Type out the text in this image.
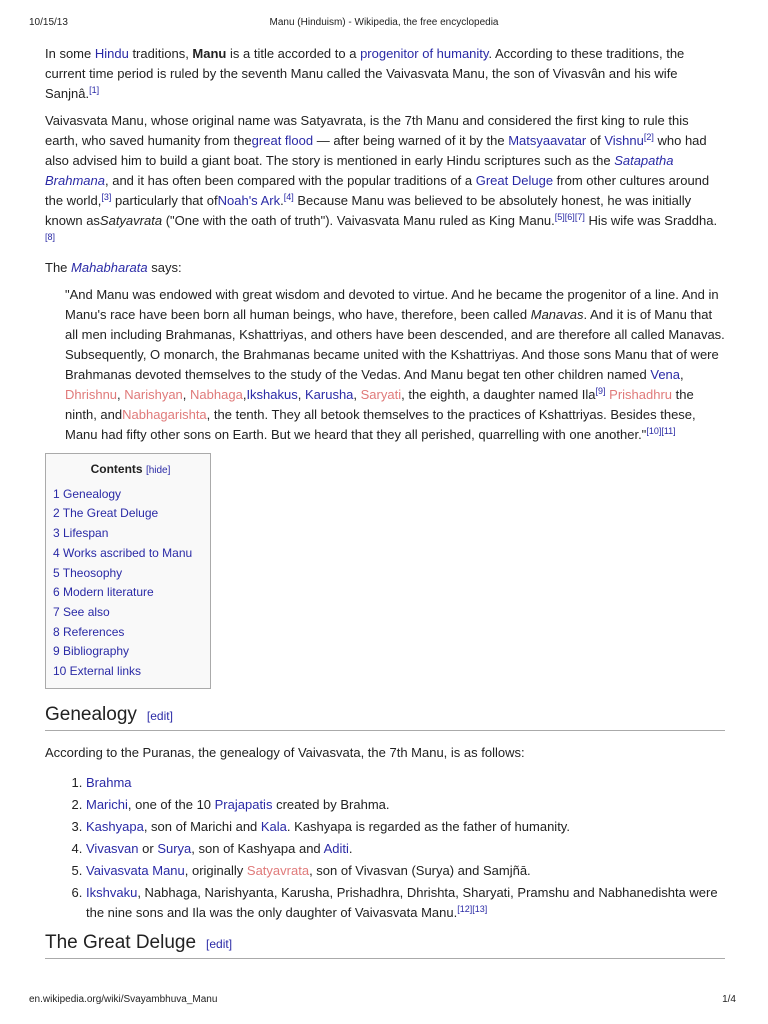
10/15/13	Manu (Hinduism) - Wikipedia, the free encyclopedia

In some Hindu traditions, Manu is a title accorded to a progenitor of humanity. According to these traditions, the current time period is ruled by the seventh Manu called the Vaivasvata Manu, the son of Vivasvân and his wife Sanjnâ.[1]

Vaivasvata Manu, whose original name was Satyavrata, is the 7th Manu and considered the first king to rule this earth, who saved humanity from thegreat flood — after being warned of it by the Matsyaavatar of Vishnu[2] who had also advised him to build a giant boat. The story is mentioned in early Hindu scriptures such as the Satapatha Brahmana, and it has often been compared with the popular traditions of a Great Deluge from other cultures around the world,[3] particularly that ofNoah's Ark.[4] Because Manu was believed to be absolutely honest, he was initially known asSatyavrata ("One with the oath of truth"). Vaivasvata Manu ruled as King Manu.[5][6][7] His wife was Sraddha.[8]

The Mahabharata says:

"And Manu was endowed with great wisdom and devoted to virtue. And he became the progenitor of a line. And in Manu's race have been born all human beings, who have, therefore, been called Manavas. And it is of Manu that all men including Brahmanas, Kshattriyas, and others have been descended, and are therefore all called Manavas. Subsequently, O monarch, the Brahmanas became united with the Kshattriyas. And those sons Manu that of were Brahmanas devoted themselves to the study of the Vedas. And Manu begat ten other children named Vena, Dhrishnu, Narishyan, Nabhaga,Ikshakus, Karusha, Saryati, the eighth, a daughter named Ila[9] Prishadhru the ninth, andNabhagarishta, the tenth. They all betook themselves to the practices of Kshattriyas. Besides these, Manu had fifty other sons on Earth. But we heard that they all perished, quarrelling with one another."[10][11]

Contents [hide]
1 Genealogy
2 The Great Deluge
3 Lifespan
4 Works ascribed to Manu
5 Theosophy
6 Modern literature
7 See also
8 References
9 Bibliography
10 External links
Genealogy [edit]

According to the Puranas, the genealogy of Vaivasvata, the 7th Manu, is as follows:

1. Brahma
2. Marichi, one of the 10 Prajapatis created by Brahma.
3. Kashyapa, son of Marichi and Kala. Kashyapa is regarded as the father of humanity.
4. Vivasvan or Surya, son of Kashyapa and Aditi.
5. Vaivasvata Manu, originally Satyavrata, son of Vivasvan (Surya) and Samjñā.
6. Ikshvaku, Nabhaga, Narishyanta, Karusha, Prishadhra, Dhrishta, Sharyati, Pramshu and Nabhanedishta were the nine sons and Ila was the only daughter of Vaivasvata Manu.[12][13]
The Great Deluge [edit]
en.wikipedia.org/wiki/Svayambhuva_Manu	1/4
